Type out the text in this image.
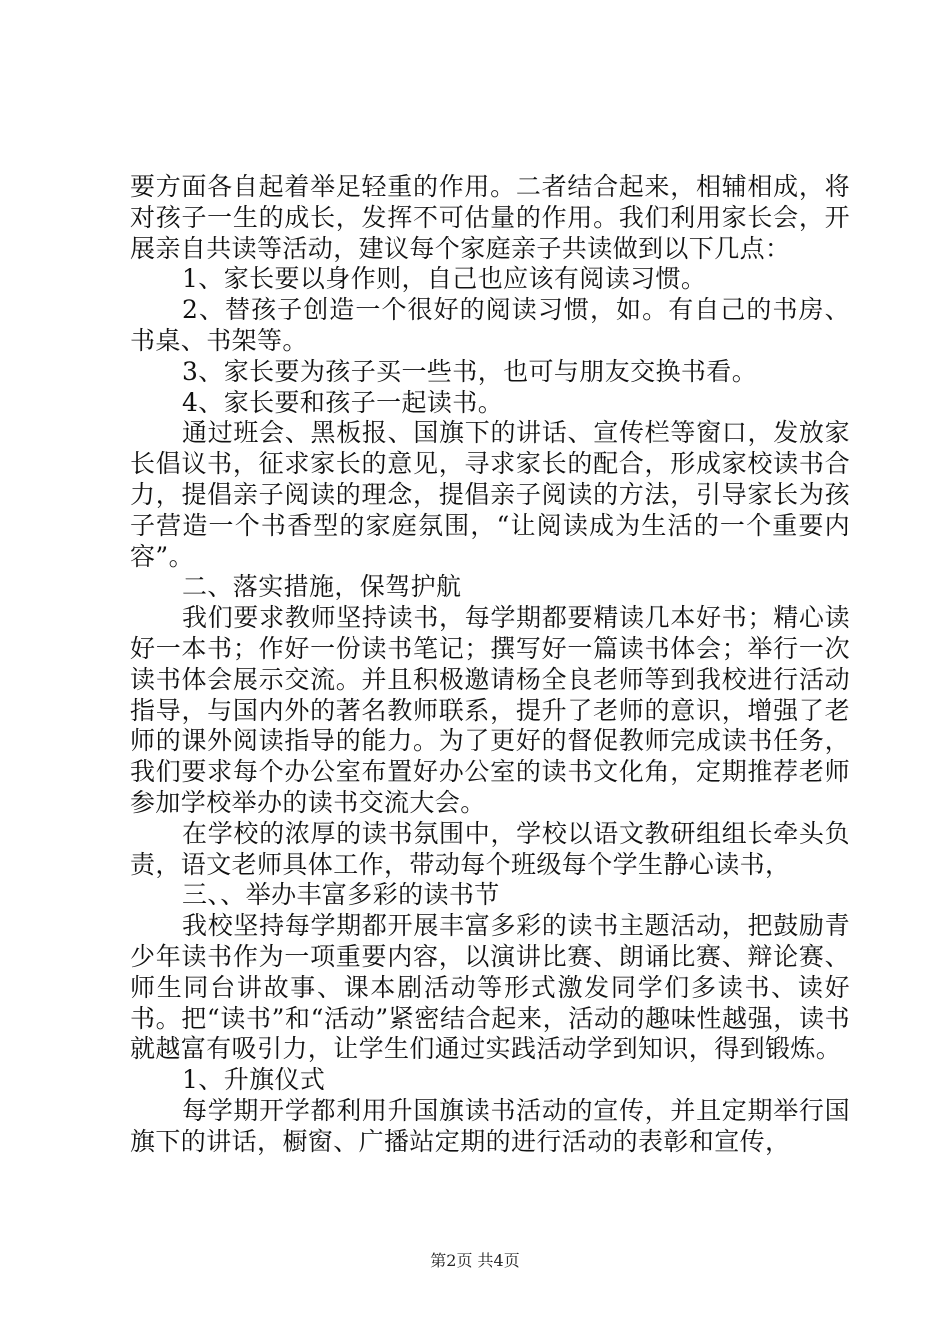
要方面各自起着举足轻重的作用。二者结合起来，相辅相成，将对孩子一生的成长，发挥不可估量的作用。我们利用家长会，开展亲自共读等活动，建议每个家庭亲子共读做到以下几点：

1、家长要以身作则，自己也应该有阅读习惯。

2、替孩子创造一个很好的阅读习惯，如。有自己的书房、书桌、书架等。

3、家长要为孩子买一些书，也可与朋友交换书看。

4、家长要和孩子一起读书。

通过班会、黑板报、国旗下的讲话、宣传栏等窗口，发放家长倡议书，征求家长的意见，寻求家长的配合，形成家校读书合力，提倡亲子阅读的理念，提倡亲子阅读的方法，引导家长为孩子营造一个书香型的家庭氛围，“让阅读成为生活的一个重要内容”。

二、落实措施，保驾护航

我们要求教师坚持读书，每学期都要精读几本好书；精心读好一本书；作好一份读书笔记；撰写好一篇读书体会；举行一次读书体会展示交流。并且积极邀请杨全良老师等到我校进行活动指导，与国内外的著名教师联系，提升了老师的意识，增强了老师的课外阅读指导的能力。为了更好的督促教师完成读书任务，我们要求每个办公室布置好办公室的读书文化角，定期推荐老师参加学校举办的读书交流大会。

在学校的浓厚的读书氛围中，学校以语文教研组组长牵头负责，语文老师具体工作，带动每个班级每个学生静心读书，

三、、举办丰富多彩的读书节

我校坚持每学期都开展丰富多彩的读书主题活动，把鼓励青少年读书作为一项重要内容，以演讲比赛、朗诵比赛、辩论赛、师生同台讲故事、课本剧活动等形式激发同学们多读书、读好书。把“读书”和“活动”紧密结合起来，活动的趣味性越强，读书就越富有吸引力，让学生们通过实践活动学到知识，得到锻炼。

1、升旗仪式

每学期开学都利用升国旗读书活动的宣传，并且定期举行国旗下的讲话，橱窗、广播站定期的进行活动的表彰和宣传，

第2页 共4页
